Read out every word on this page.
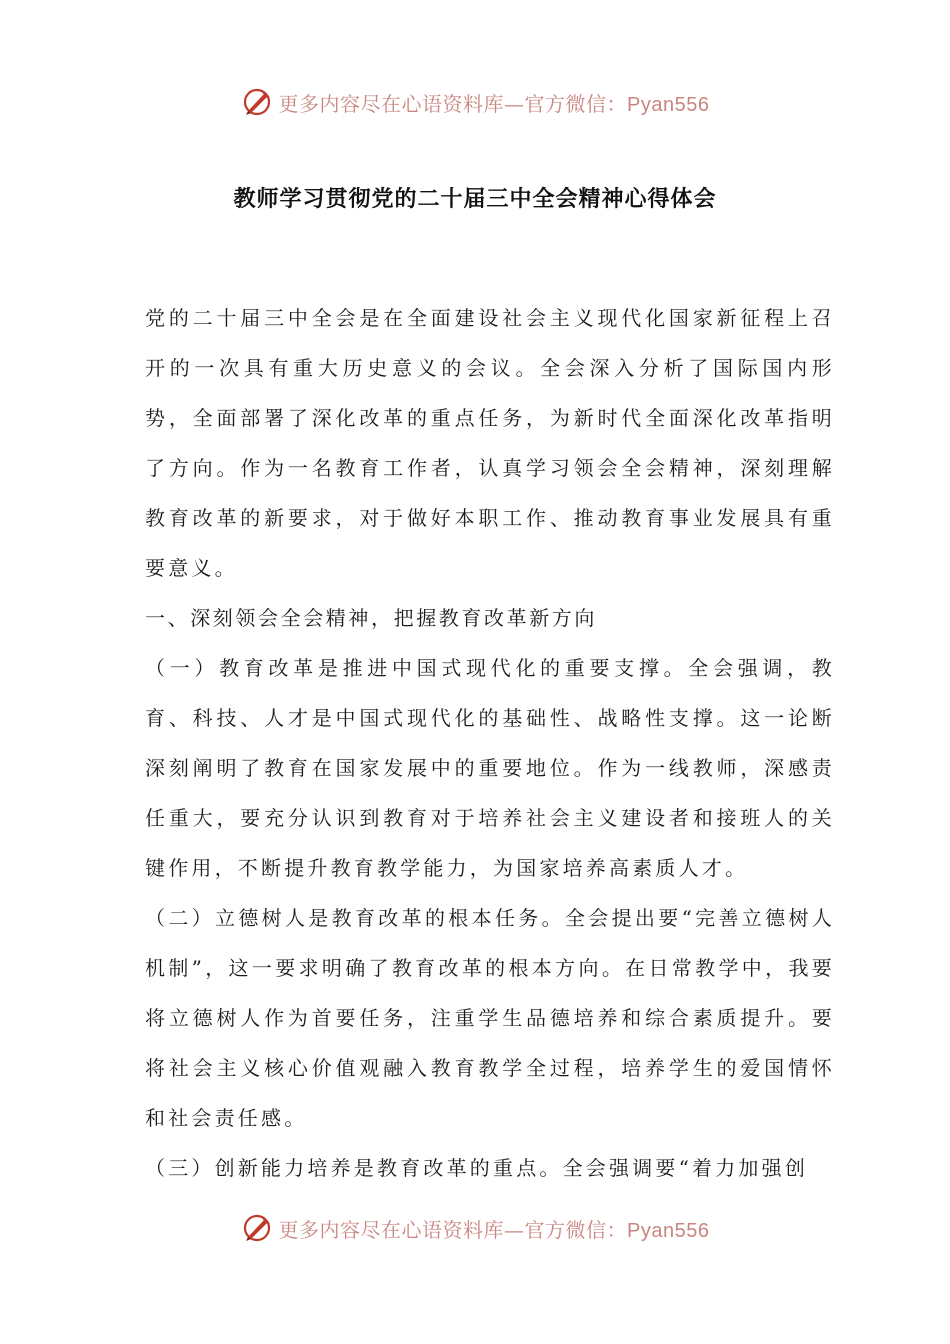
更多内容尽在心语资料库—官方微信：Pyan556
教师学习贯彻党的二十届三中全会精神心得体会

党的二十届三中全会是在全面建设社会主义现代化国家新征程上召开的一次具有重大历史意义的会议。全会深入分析了国际国内形势，全面部署了深化改革的重点任务，为新时代全面深化改革指明了方向。作为一名教育工作者，认真学习领会全会精神，深刻理解教育改革的新要求，对于做好本职工作、推动教育事业发展具有重要意义。

一、深刻领会全会精神，把握教育改革新方向

（一）教育改革是推进中国式现代化的重要支撑。全会强调，教育、科技、人才是中国式现代化的基础性、战略性支撑。这一论断深刻阐明了教育在国家发展中的重要地位。作为一线教师，深感责任重大，要充分认识到教育对于培养社会主义建设者和接班人的关键作用，不断提升教育教学能力，为国家培养高素质人才。

（二）立德树人是教育改革的根本任务。全会提出要“完善立德树人机制”，这一要求明确了教育改革的根本方向。在日常教学中，我要将立德树人作为首要任务，注重学生品德培养和综合素质提升。要将社会主义核心价值观融入教育教学全过程，培养学生的爱国情怀和社会责任感。

（三）创新能力培养是教育改革的重点。全会强调要“着力加强创

更多内容尽在心语资料库—官方微信：Pyan556
